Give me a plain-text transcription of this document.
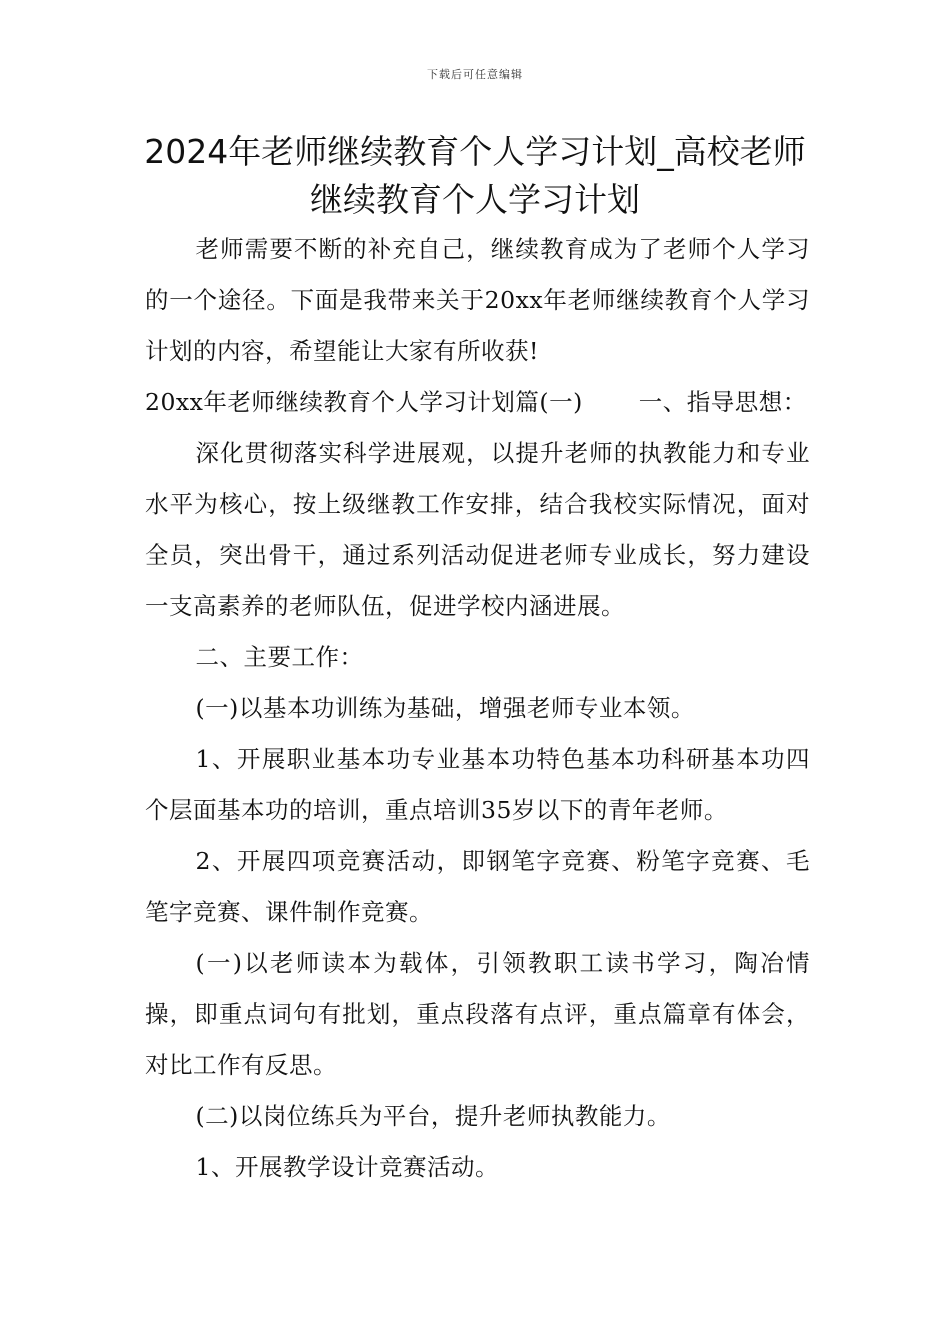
下载后可任意编辑
2024年老师继续教育个人学习计划_高校老师继续教育个人学习计划

老师需要不断的补充自己，继续教育成为了老师个人学习的一个途径。下面是我带来关于20xx年老师继续教育个人学习计划的内容，希望能让大家有所收获!

20xx年老师继续教育个人学习计划篇(一) 一、指导思想：

深化贯彻落实科学进展观，以提升老师的执教能力和专业水平为核心，按上级继教工作安排，结合我校实际情况，面对全员，突出骨干，通过系列活动促进老师专业成长，努力建设一支高素养的老师队伍，促进学校内涵进展。

二、主要工作：

(一)以基本功训练为基础，增强老师专业本领。

1、开展职业基本功专业基本功特色基本功科研基本功四个层面基本功的培训，重点培训35岁以下的青年老师。

2、开展四项竞赛活动，即钢笔字竞赛、粉笔字竞赛、毛笔字竞赛、课件制作竞赛。

(一)以老师读本为载体，引领教职工读书学习，陶冶情操，即重点词句有批划，重点段落有点评，重点篇章有体会，对比工作有反思。

(二)以岗位练兵为平台，提升老师执教能力。

1、开展教学设计竞赛活动。
